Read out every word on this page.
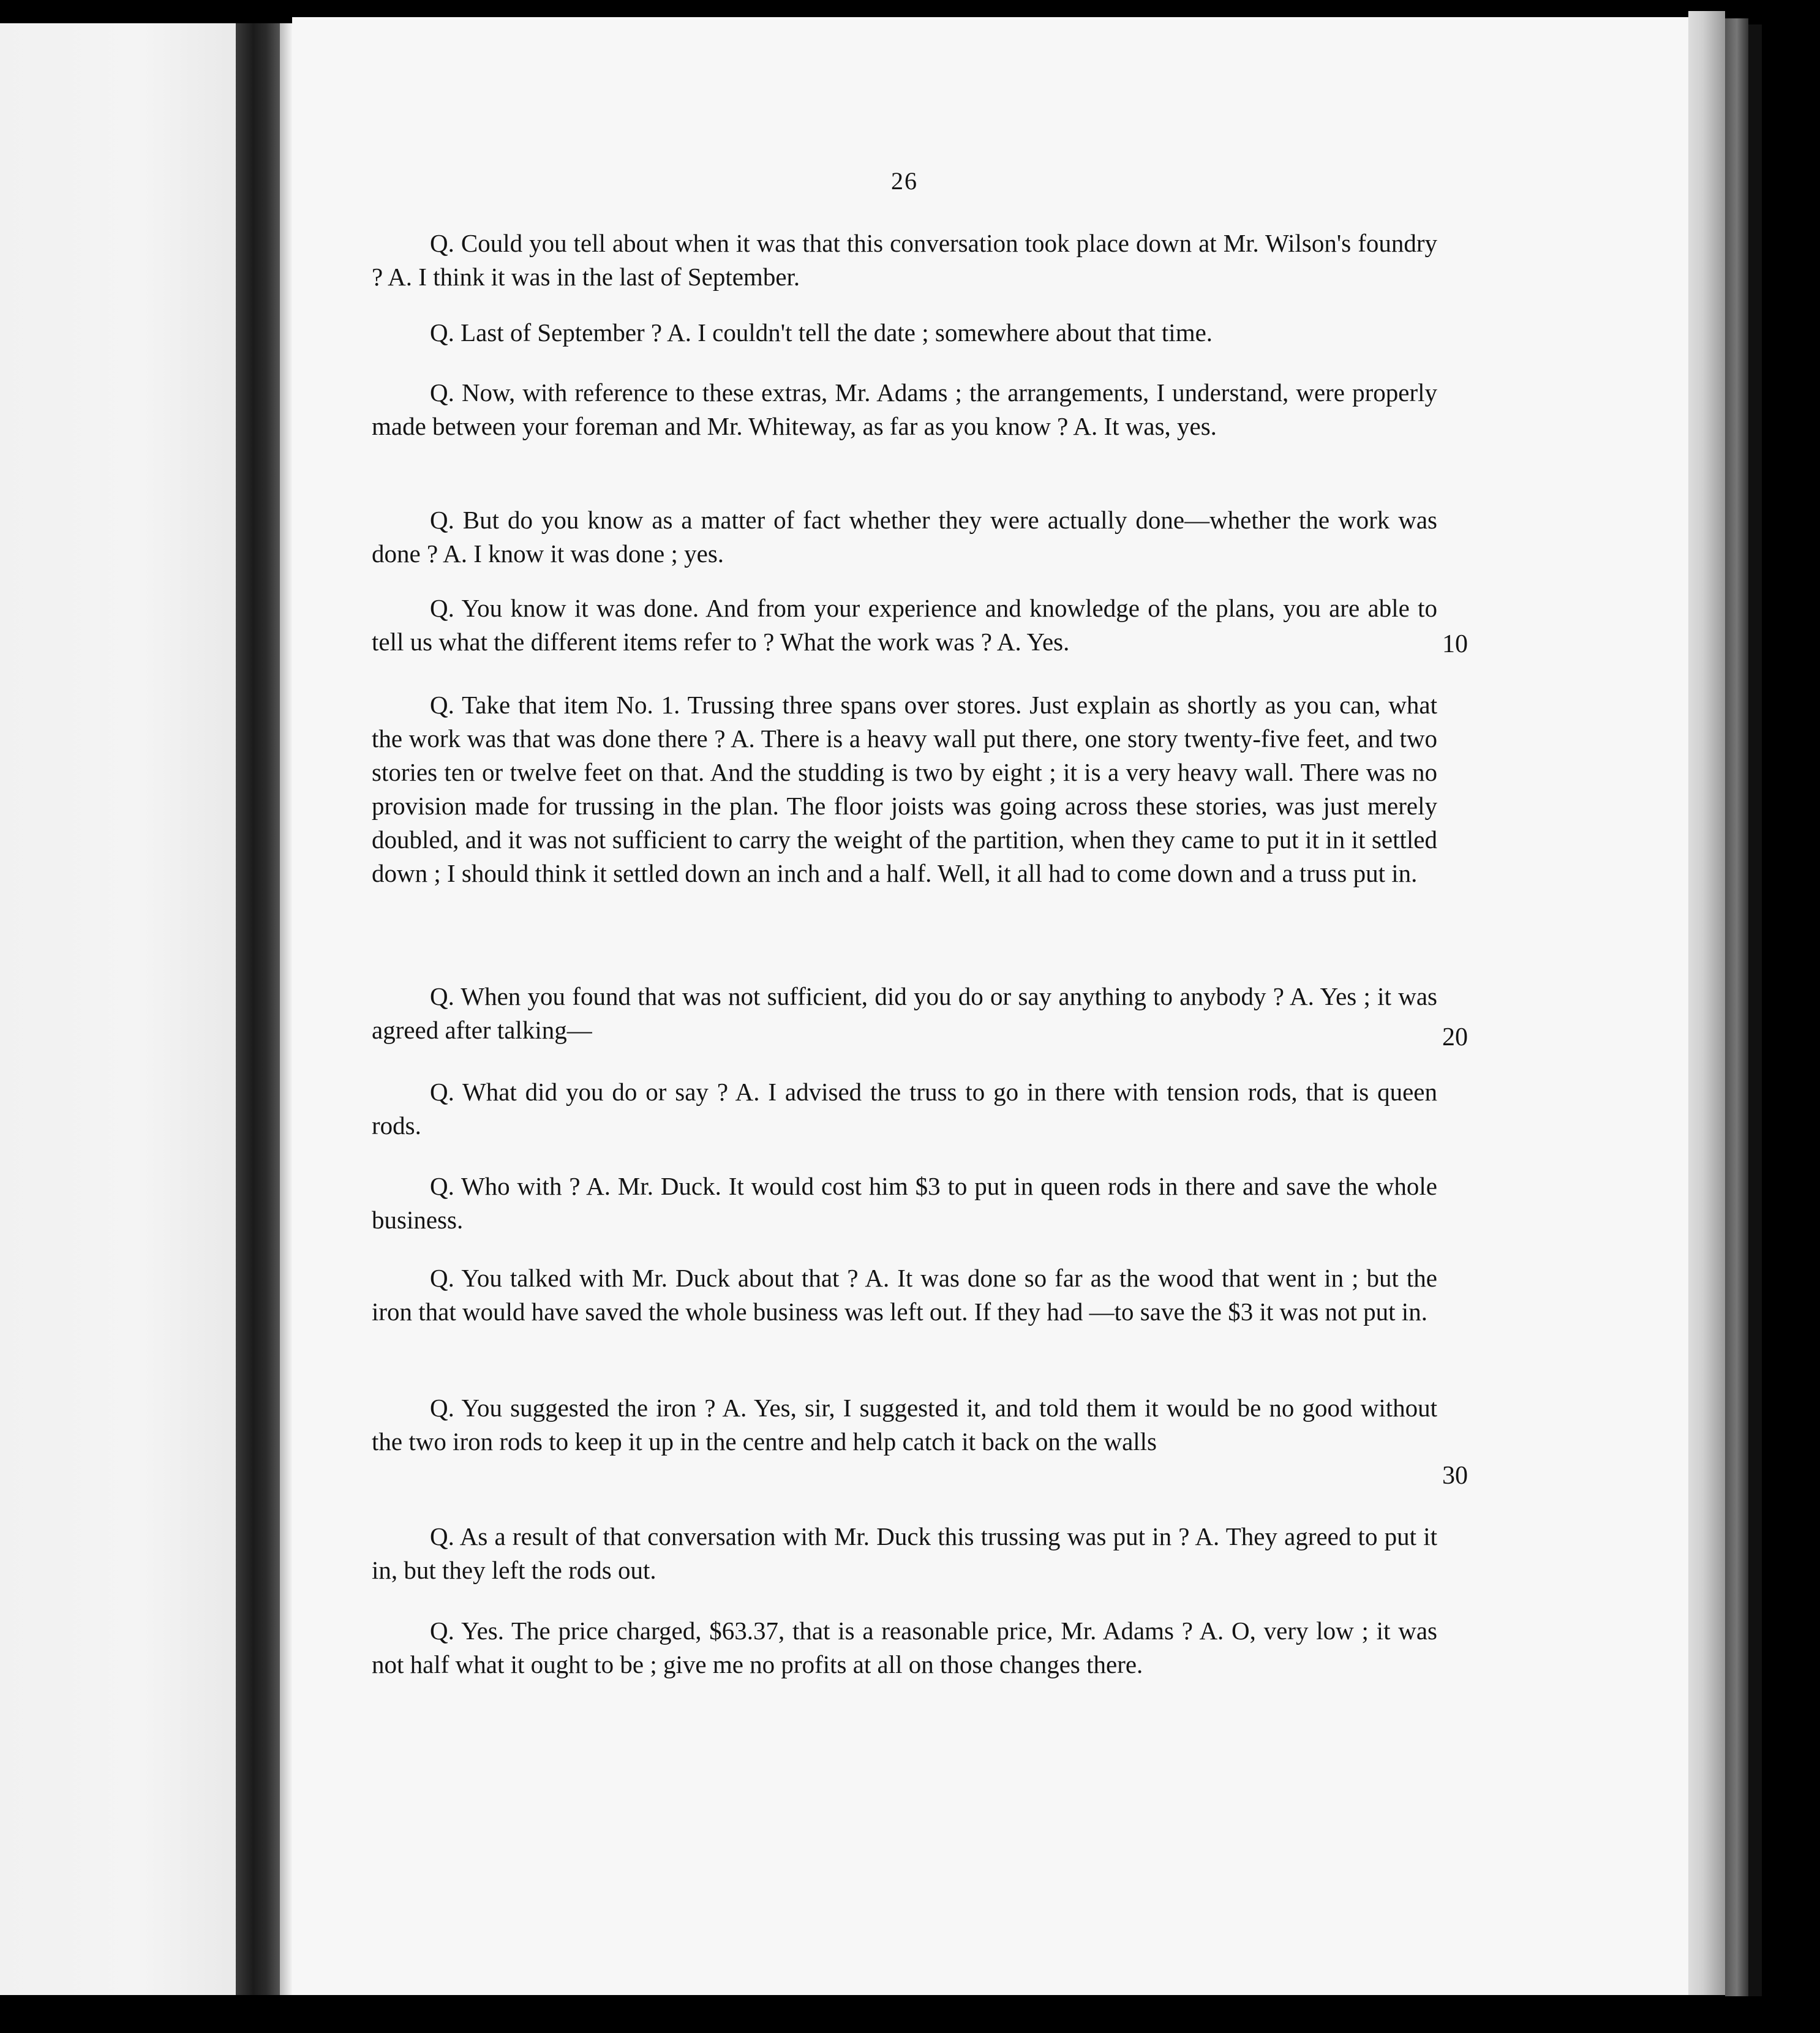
26

Q. Could you tell about when it was that this conversation took place down at Mr. Wilson's foundry ? A. I think it was in the last of September.

Q. Last of September ? A. I couldn't tell the date ; somewhere about that time.

Q. Now, with reference to these extras, Mr. Adams ; the arrangements, I understand, were properly made between your foreman and Mr. Whiteway, as far as you know ? A. It was, yes.

Q. But do you know as a matter of fact whether they were actually done—whether the work was done ? A. I know it was done ; yes.

Q. You know it was done. And from your experience and knowledge of the plans, you are able to tell us what the different items refer to ? What the work was ? A. Yes.

Q. Take that item No. 1. Trussing three spans over stores. Just explain as shortly as you can, what the work was that was done there ? A. There is a heavy wall put there, one story twenty-five feet, and two stories ten or twelve feet on that. And the studding is two by eight ; it is a very heavy wall. There was no provision made for trussing in the plan. The floor joists was going across these stories, was just merely doubled, and it was not sufficient to carry the weight of the partition, when they came to put it in it settled down ; I should think it settled down an inch and a half. Well, it all had to come down and a truss put in.

Q. When you found that was not sufficient, did you do or say anything to anybody ? A. Yes ; it was agreed after talking—

Q. What did you do or say ? A. I advised the truss to go in there with tension rods, that is queen rods.

Q. Who with ? A. Mr. Duck. It would cost him $3 to put in queen rods in there and save the whole business.

Q. You talked with Mr. Duck about that ? A. It was done so far as the wood that went in ; but the iron that would have saved the whole business was left out. If they had —to save the $3 it was not put in.

Q. You suggested the iron ? A. Yes, sir, I suggested it, and told them it would be no good without the two iron rods to keep it up in the centre and help catch it back on the walls

Q. As a result of that conversation with Mr. Duck this trussing was put in ? A. They agreed to put it in, but they left the rods out.

Q. Yes. The price charged, $63.37, that is a reasonable price, Mr. Adams ? A. O, very low ; it was not half what it ought to be ; give me no profits at all on those changes there.

10
20
30
